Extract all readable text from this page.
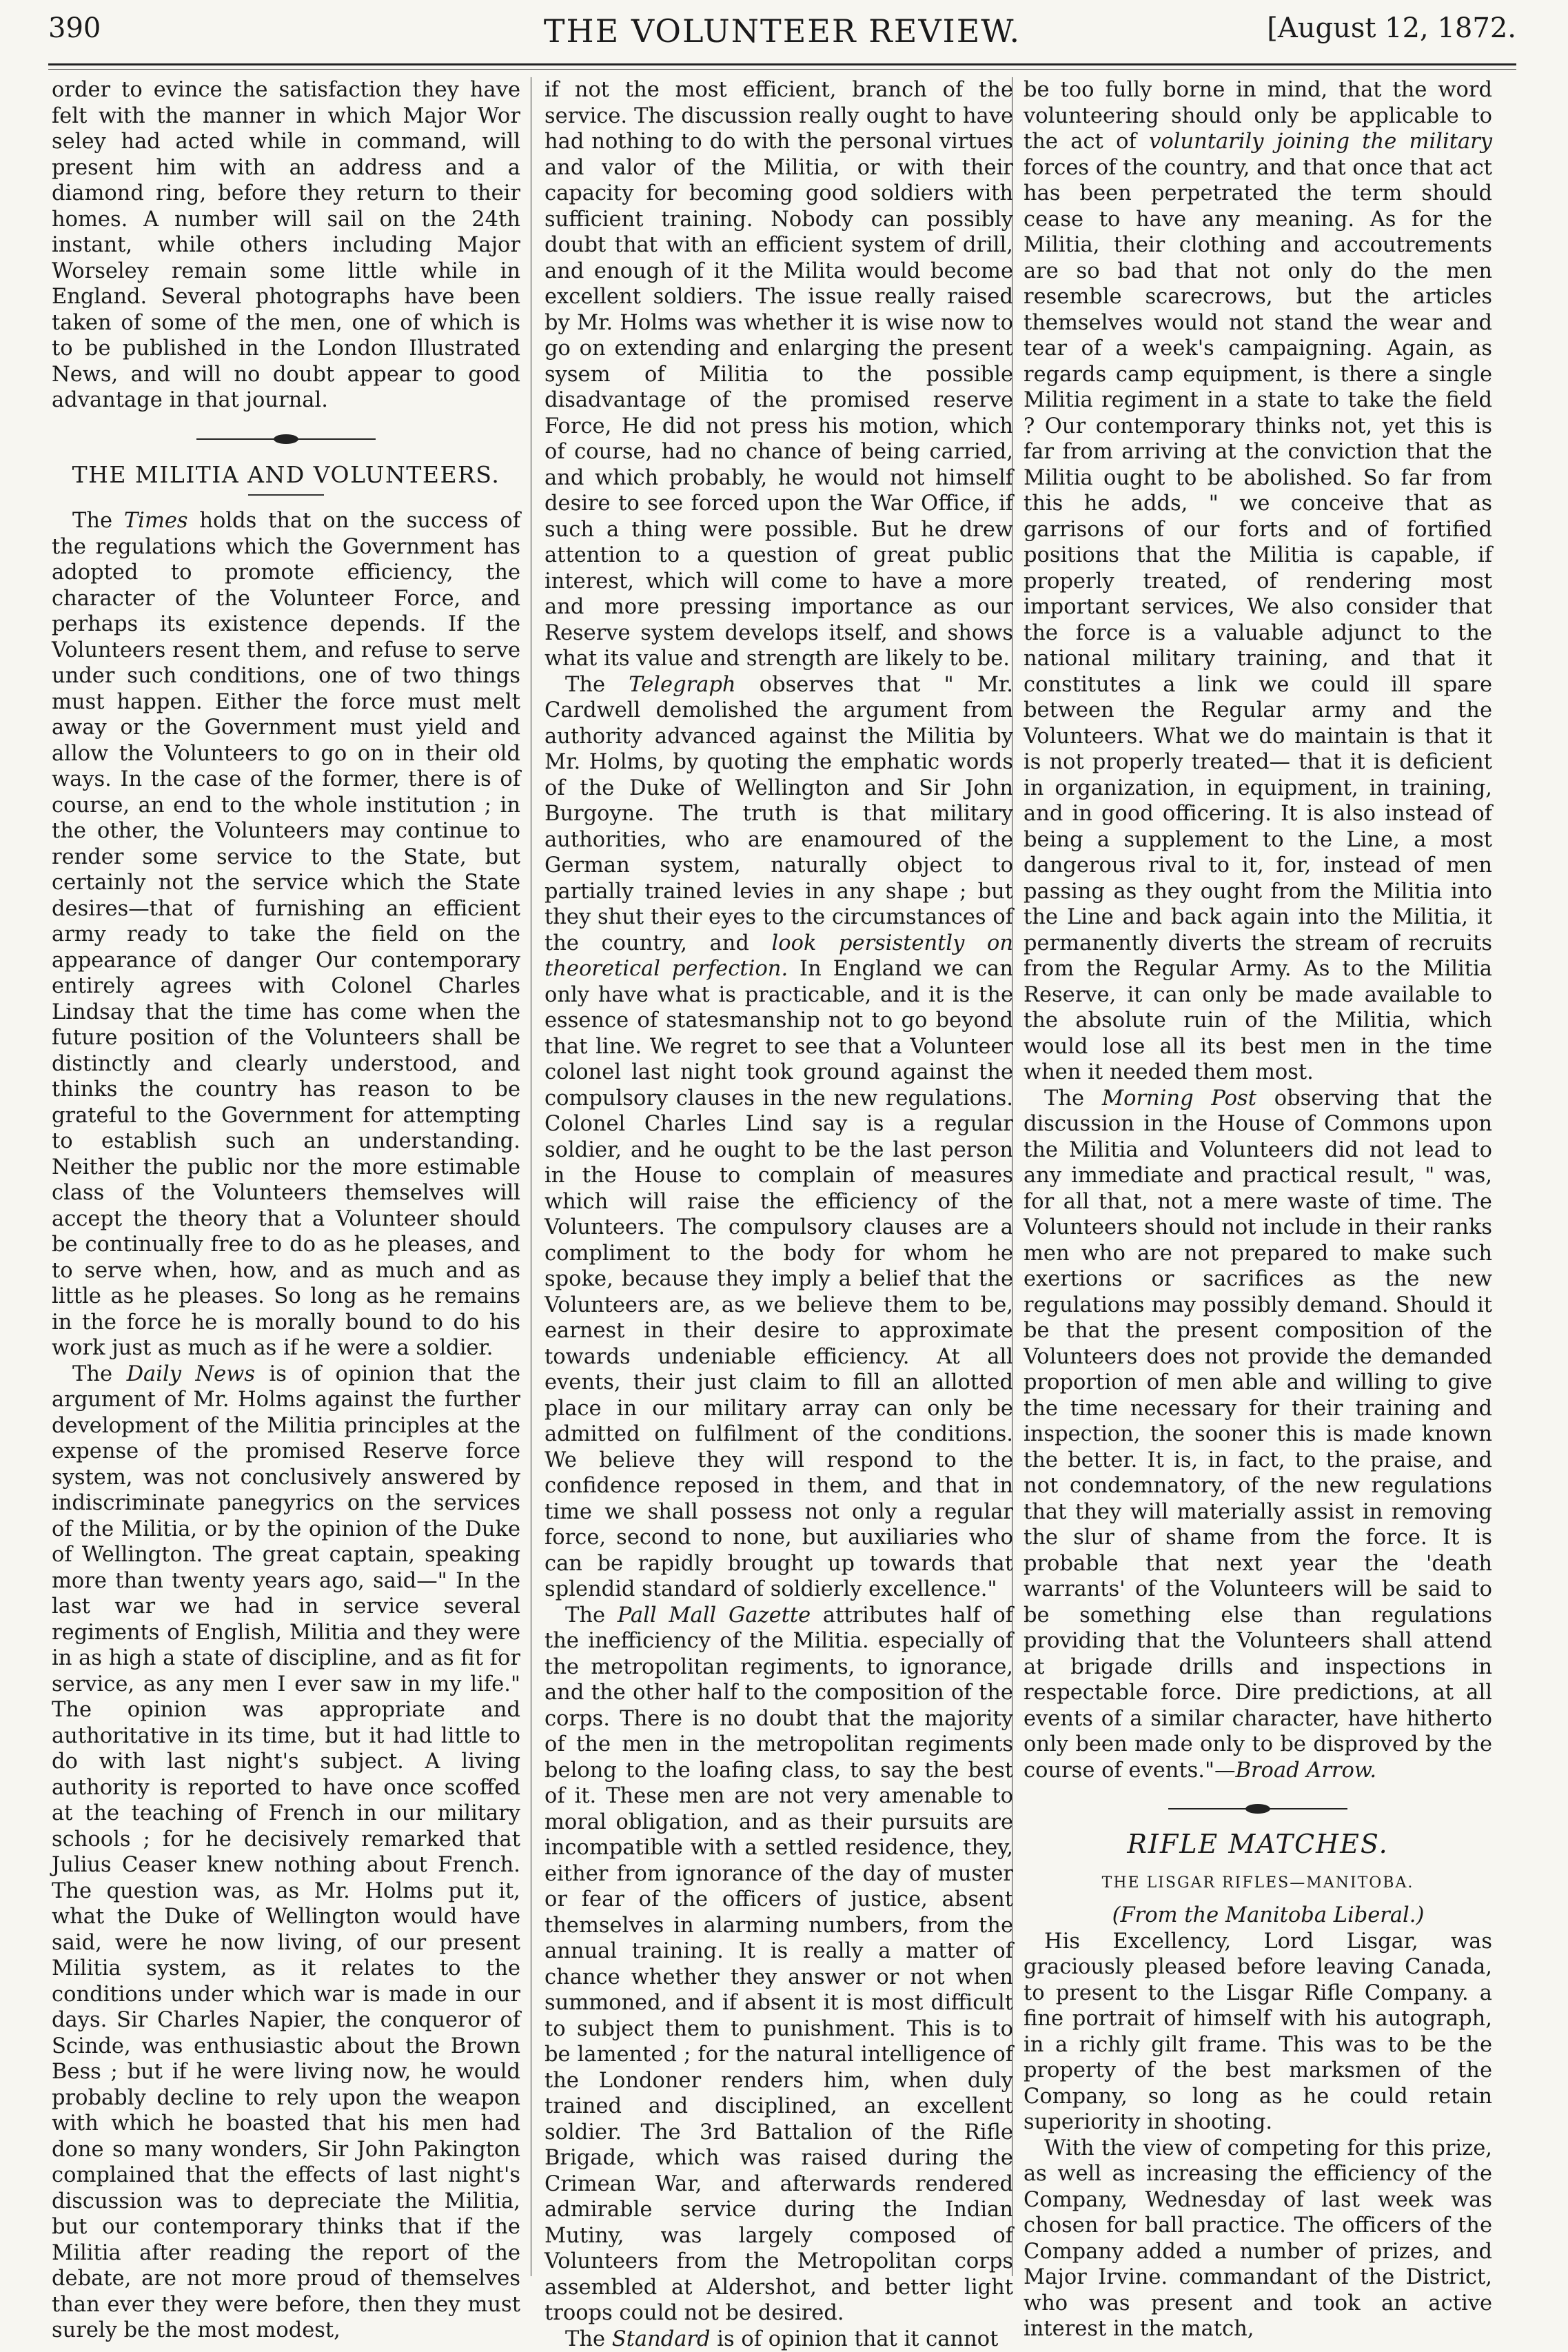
390	THE VOLUNTEER REVIEW.	[August 12, 1872.

order to evince the satisfaction they have felt with the manner in which Major Wor seley had acted while in command, will present him with an address and a diamond ring, before they return to their homes. A number will sail on the 24th instant, while others including Major Worseley remain some little while in England. Several photographs have been taken of some of the men, one of which is to be published in the London Illustrated News, and will no doubt appear to good advantage in that journal.

THE MILITIA AND VOLUNTEERS.

The Times holds that on the success of the regulations which the Government has adopted to promote efficiency, the character of the Volunteer Force, and perhaps its existence depends. If the Volunteers resent them, and refuse to serve under such conditions, one of two things must happen. Either the force must melt away or the Government must yield and allow the Volunteers to go on in their old ways. In the case of the former, there is of course, an end to the whole institution ; in the other, the Volunteers may continue to render some service to the State, but certainly not the service which the State desires—that of furnishing an efficient army ready to take the field on the appearance of danger Our contemporary entirely agrees with Colonel Charles Lindsay that the time has come when the future position of the Volunteers shall be distinctly and clearly understood, and thinks the country has reason to be grateful to the Government for attempting to establish such an understanding. Neither the public nor the more estimable class of the Volunteers themselves will accept the theory that a Volunteer should be continually free to do as he pleases, and to serve when, how, and as much and as little as he pleases. So long as he remains in the force he is morally bound to do his work just as much as if he were a soldier.

The Daily News is of opinion that the argument of Mr. Holms against the further development of the Militia principles at the expense of the promised Reserve force system, was not conclusively answered by indiscriminate panegyrics on the services of the Militia, or by the opinion of the Duke of Wellington. The great captain, speaking more than twenty years ago, said—" In the last war we had in service several regiments of English, Militia and they were in as high a state of discipline, and as fit for service, as any men I ever saw in my life." The opinion was appropriate and authoritative in its time, but it had little to do with last night's subject. A living authority is reported to have once scoffed at the teaching of French in our military schools ; for he decisively remarked that Julius Ceaser knew nothing about French. The question was, as Mr. Holms put it, what the Duke of Wellington would have said, were he now living, of our present Militia system, as it relates to the conditions under which war is made in our days. Sir Charles Napier, the conqueror of Scinde, was enthusiastic about the Brown Bess ; but if he were living now, he would probably decline to rely upon the weapon with which he boasted that his men had done so many wonders, Sir John Pakington complained that the effects of last night's discussion was to depreciate the Militia, but our contemporary thinks that if the Militia after reading the report of the debate, are not more proud of themselves than ever they were before, then they must surely be the most modest,

if not the most efficient, branch of the service. The discussion really ought to have had nothing to do with the personal virtues and valor of the Militia, or with their capacity for becoming good soldiers with sufficient training. Nobody can possibly doubt that with an efficient system of drill, and enough of it the Milita would become excellent soldiers. The issue really raised by Mr. Holms was whether it is wise now to go on extending and enlarging the present sysem of Militia to the possible disadvantage of the promised reserve Force, He did not press his motion, which of course, had no chance of being carried, and which probably, he would not himself desire to see forced upon the War Office, if such a thing were possible. But he drew attention to a question of great public interest, which will come to have a more and more pressing importance as our Reserve system develops itself, and shows what its value and strength are likely to be.

The Telegraph observes that " Mr. Cardwell demolished the argument from authority advanced against the Militia by Mr. Holms, by quoting the emphatic words of the Duke of Wellington and Sir John Burgoyne. The truth is that military authorities, who are enamoured of the German system, naturally object to partially trained levies in any shape ; but they shut their eyes to the circumstances of the country, and look persistently on theoretical perfection. In England we can only have what is practicable, and it is the essence of statesmanship not to go beyond that line. We regret to see that a Volunteer colonel last night took ground against the compulsory clauses in the new regulations. Colonel Charles Lind say is a regular soldier, and he ought to be the last person in the House to complain of measures which will raise the efficiency of the Volunteers. The compulsory clauses are a compliment to the body for whom he spoke, because they imply a belief that the Volunteers are, as we believe them to be, earnest in their desire to approximate towards undeniable efficiency. At all events, their just claim to fill an allotted place in our military array can only be admitted on fulfilment of the conditions. We believe they will respond to the confidence reposed in them, and that in time we shall possess not only a regular force, second to none, but auxiliaries who can be rapidly brought up towards that splendid standard of soldierly excellence."

The Pall Mall Gazette attributes half of the inefficiency of the Militia. especially of the metropolitan regiments, to ignorance, and the other half to the composition of the corps. There is no doubt that the majority of the men in the metropolitan regiments belong to the loafing class, to say the best of it. These men are not very amenable to moral obligation, and as their pursuits are incompatible with a settled residence, they, either from ignorance of the day of muster or fear of the officers of justice, absent themselves in alarming numbers, from the annual training. It is really a matter of chance whether they answer or not when summoned, and if absent it is most difficult to subject them to punishment. This is to be lamented ; for the natural intelligence of the Londoner renders him, when duly trained and disciplined, an excellent soldier. The 3rd Battalion of the Rifle Brigade, which was raised during the Crimean War, and afterwards rendered admirable service during the Indian Mutiny, was largely composed of Volunteers from the Metropolitan corps assembled at Aldershot, and better light troops could not be desired.

The Standard is of opinion that it cannot

be too fully borne in mind, that the word volunteering should only be applicable to the act of voluntarily joining the military forces of the country, and that once that act has been perpetrated the term should cease to have any meaning. As for the Militia, their clothing and accoutrements are so bad that not only do the men resemble scarecrows, but the articles themselves would not stand the wear and tear of a week's campaigning. Again, as regards camp equipment, is there a single Militia regiment in a state to take the field ? Our contemporary thinks not, yet this is far from arriving at the conviction that the Militia ought to be abolished. So far from this he adds, " we conceive that as garrisons of our forts and of fortified positions that the Militia is capable, if properly treated, of rendering most important services, We also consider that the force is a valuable adjunct to the national military training, and that it constitutes a link we could ill spare between the Regular army and the Volunteers. What we do maintain is that it is not properly treated— that it is deficient in organization, in equipment, in training, and in good officering. It is also instead of being a supplement to the Line, a most dangerous rival to it, for, instead of men passing as they ought from the Militia into the Line and back again into the Militia, it permanently diverts the stream of recruits from the Regular Army. As to the Militia Reserve, it can only be made available to the absolute ruin of the Militia, which would lose all its best men in the time when it needed them most.

The Morning Post observing that the discussion in the House of Commons upon the Militia and Volunteers did not lead to any immediate and practical result, " was, for all that, not a mere waste of time. The Volunteers should not include in their ranks men who are not prepared to make such exertions or sacrifices as the new regulations may possibly demand. Should it be that the present composition of the Volunteers does not provide the demanded proportion of men able and willing to give the time necessary for their training and inspection, the sooner this is made known the better. It is, in fact, to the praise, and not condemnatory, of the new regulations that they will materially assist in removing the slur of shame from the force. It is probable that next year the 'death warrants' of the Volunteers will be said to be something else than regulations providing that the Volunteers shall attend at brigade drills and inspections in respectable force. Dire predictions, at all events of a similar character, have hitherto only been made only to be disproved by the course of events."—Broad Arrow.

RIFLE MATCHES.
THE LISGAR RIFLES—MANITOBA.

(From the Manitoba Liberal.)

His Excellency, Lord Lisgar, was graciously pleased before leaving Canada, to present to the Lisgar Rifle Company. a fine portrait of himself with his autograph, in a richly gilt frame. This was to be the property of the best marksmen of the Company, so long as he could retain superiority in shooting.

With the view of competing for this prize, as well as increasing the efficiency of the Company, Wednesday of last week was chosen for ball practice. The officers of the Company added a number of prizes, and Major Irvine. commandant of the District, who was present and took an active interest in the match,
